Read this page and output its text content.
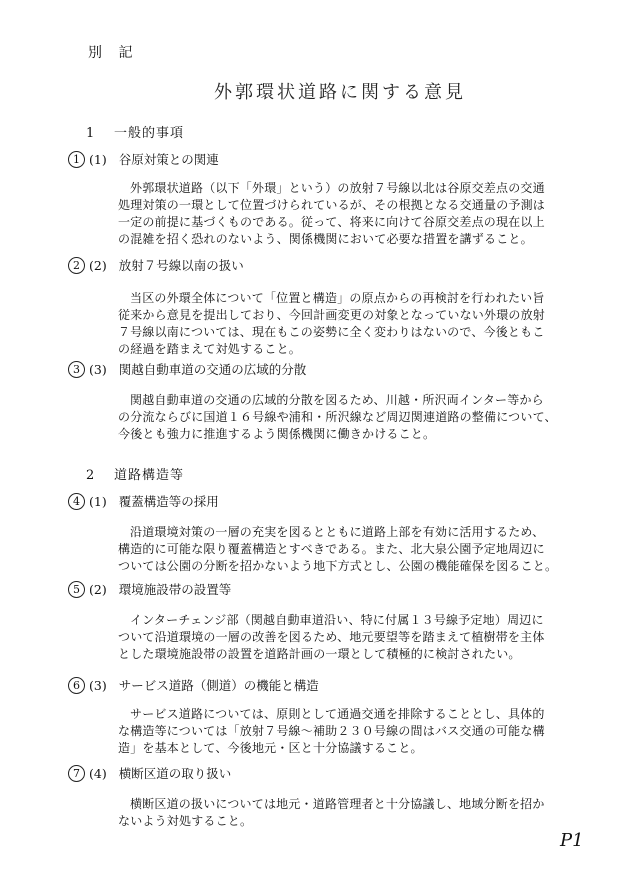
別 記
外郭環状道路に関する意見
1 一般的事項
1 (1) 谷原対策との関連
外郭環状道路（以下「外環」という）の放射７号線以北は谷原交差点の交通
処理対策の一環として位置づけられているが、その根拠となる交通量の予測は
一定の前提に基づくものである。従って、将来に向けて谷原交差点の現在以上
の混雑を招く恐れのないよう、関係機関において必要な措置を講ずること。
2 (2) 放射７号線以南の扱い
当区の外環全体について「位置と構造」の原点からの再検討を行われたい旨
従来から意見を提出しており、今回計画変更の対象となっていない外環の放射
７号線以南については、現在もこの姿勢に全く変わりはないので、今後ともこ
の経過を踏まえて対処すること。
3 (3) 関越自動車道の交通の広域的分散
関越自動車道の交通の広域的分散を図るため、川越・所沢両インター等から
の分流ならびに国道１６号線や浦和・所沢線など周辺関連道路の整備について、
今後とも強力に推進するよう関係機関に働きかけること。
2 道路構造等
4 (1) 覆蓋構造等の採用
沿道環境対策の一層の充実を図るとともに道路上部を有効に活用するため、
構造的に可能な限り覆蓋構造とすべきである。また、北大泉公園予定地周辺に
ついては公園の分断を招かないよう地下方式とし、公園の機能確保を図ること。
5 (2) 環境施設帯の設置等
インターチェンジ部（関越自動車道沿い、特に付属１３号線予定地）周辺に
ついて沿道環境の一層の改善を図るため、地元要望等を踏まえて植樹帯を主体
とした環境施設帯の設置を道路計画の一環として積極的に検討されたい。
6 (3) サービス道路（側道）の機能と構造
サービス道路については、原則として通過交通を排除することとし、具体的
な構造等については「放射７号線〜補助２３０号線の間はバス交通の可能な構
造」を基本として、今後地元・区と十分協議すること。
7 (4) 横断区道の取り扱い
横断区道の扱いについては地元・道路管理者と十分協議し、地域分断を招か
ないよう対処すること。
P1
